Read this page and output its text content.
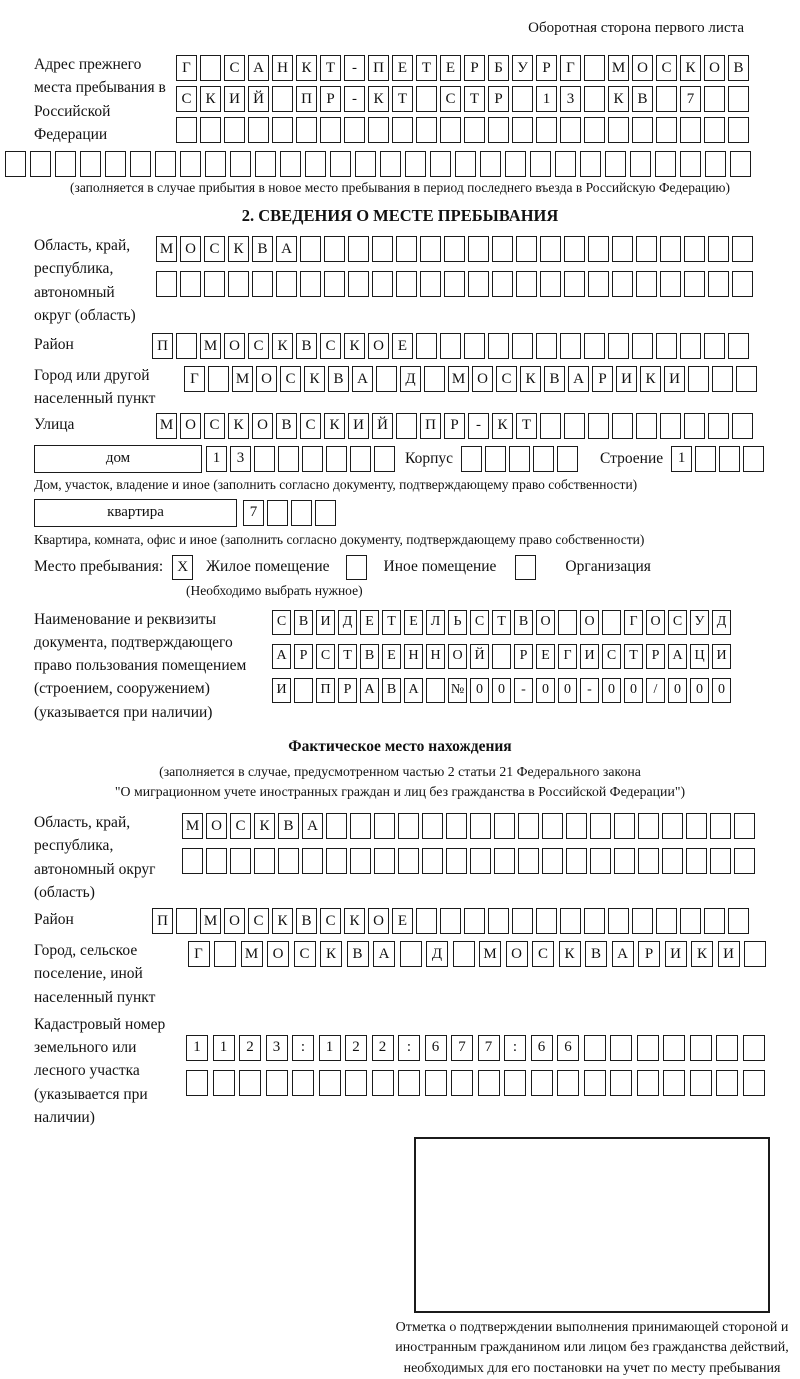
Оборотная сторона первого листа
Адрес прежнего места пребывания в Российской Федерации
Г	С А Н К Т	-	П Е Т Е	Р	Б У Р	Г	М О С К О В
С К И Й	П Р	-	К Т	С Т	Р	1	3	К В	7
(заполняется в случае прибытия в новое место пребывания в период последнего въезда в Российскую Федерацию)
2. СВЕДЕНИЯ О МЕСТЕ ПРЕБЫВАНИЯ
Область, край, республика, автономный округ (область)
М О С К В А
Район	П	М О С К В С К О Е
Город или другой населенный пункт
Г	М О С К В А	Д	М О С К В А Р И К И
Улица	М О С К О В С К И Й	П Р	-	К Т
дом	1	3	Корпус	Строение 1
Дом, участок, владение и иное (заполнить согласно документу, подтверждающему право собственности)
квартира	7
Квартира, комната, офис и иное (заполнить согласно документу, подтверждающему право собственности)
Место пребывания: X	Жилое помещение	Иное помещение	Организация
(Необходимо выбрать нужное)
Наименование и реквизиты документа, подтверждающего право пользования помещением (строением, сооружением) (указывается при наличии)
С В И Д Е Т Е Л Ь С Т В О	О	Г О С У Д
А Р С Т В Е Н Н О Й	Р Е Г И С Т Р А Ц И
И	П Р А В А	№ 0	0	-	0	0	-	0	0	/	0	0	0
Фактическое место нахождения
(заполняется в случае, предусмотренном частью 2 статьи 21 Федерального закона
"О миграционном учете иностранных граждан и лиц без гражданства в Российской Федерации")
Область, край, республика, автономный округ (область)
М О С К В А
Район	П	М О С К В С К О Е
Город, сельское поселение, иной населенный пункт
Г	М О	С	К	В	А	Д	М О	С	К	В	А	Р	И	К	И
Кадастровый номер земельного или лесного участка (указывается при наличии)
1	1	2	3	:	1	2	2	:	6	7	7	:	6	6
Отметка о подтверждении выполнения принимающей стороной и иностранным гражданином или лицом без гражданства действий, необходимых для его постановки на учет по месту пребывания
